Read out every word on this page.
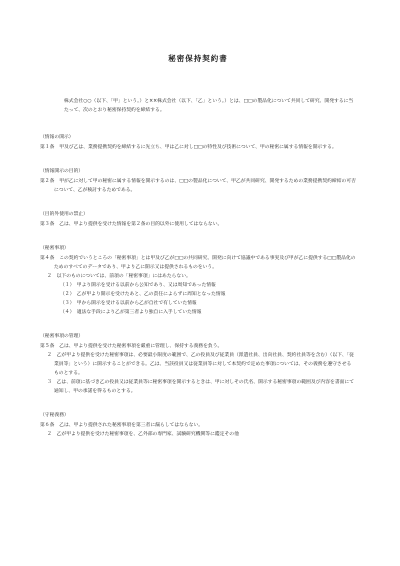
秘密保持契約書

株式会社○○（以下、「甲」という。）と××株式会社（以下、「乙」という。）とは、□□の製品化について共同して研究、開発するに当たって、次のとおり秘密保持契約を締結する。

（情報の開示）

第１条　甲及び乙は、業務提携契約を締結するに先立ち、甲は乙に対し□□の特性及び技術について、甲の秘密に属する情報を開示する。

（情報開示の目的）

第２条　甲が乙に対して甲の秘密に属する情報を開示するのは、□□の製品化について、甲乙が共同研究、開発するための業務提携契約締結の可否について、乙が検討するためである。

（目的外使用の禁止）

第３条　乙は、甲より提供を受けた情報を第２条の目的以外に使用してはならない。

（秘密事項）

第４条　この契約でいうところの「秘密事項」とは甲及び乙が□□の共同研究、開発に向けて協議中である事実及び甲が乙に提供する□□製品化のためのすべてのデータであり、甲より乙に開示又は提供されるものをいう。

２　以下のものについては、前項の「秘密事項」にはあたらない。

（１）　甲より開示を受ける以前から公知であり、又は周知であった情報

（２）　乙が甲より開示を受けたあと、乙の責任によらずに周知となった情報

（３）　甲から開示を受ける以前から乙が自社で有していた情報

（４）　適法な手段により乙が第三者より独自に入手していた情報

（秘密事項の管理）

第５条　乙は、甲より提供を受けた秘密事項を厳重に管理し、保持する義務を負う。

２　乙が甲より提供を受けた秘密事項は、必要最小限度の範囲で、乙の役員及び従業員（派遣社員、出向社員、契約社員等を含む）（以下、「従業員等」という）に開示することができる。乙は、当該役員又は従業員等に対して本契約で定めた事項については、その義務を遵守させるものとする。

３　乙は、前項に基づき乙の役員又は従業員等に秘密事項を開示するときは、甲に対しその氏名、開示する秘密事項の範囲及び内容を書面にて通知し、甲の承諾を得るものとする。

（守秘義務）

第６条　乙は、甲より提供された秘密事項を第三者に漏らしてはならない。

２　乙が甲より提供を受けた秘密事項を、乙外部の専門家、試験研究機関等に鑑定その他
